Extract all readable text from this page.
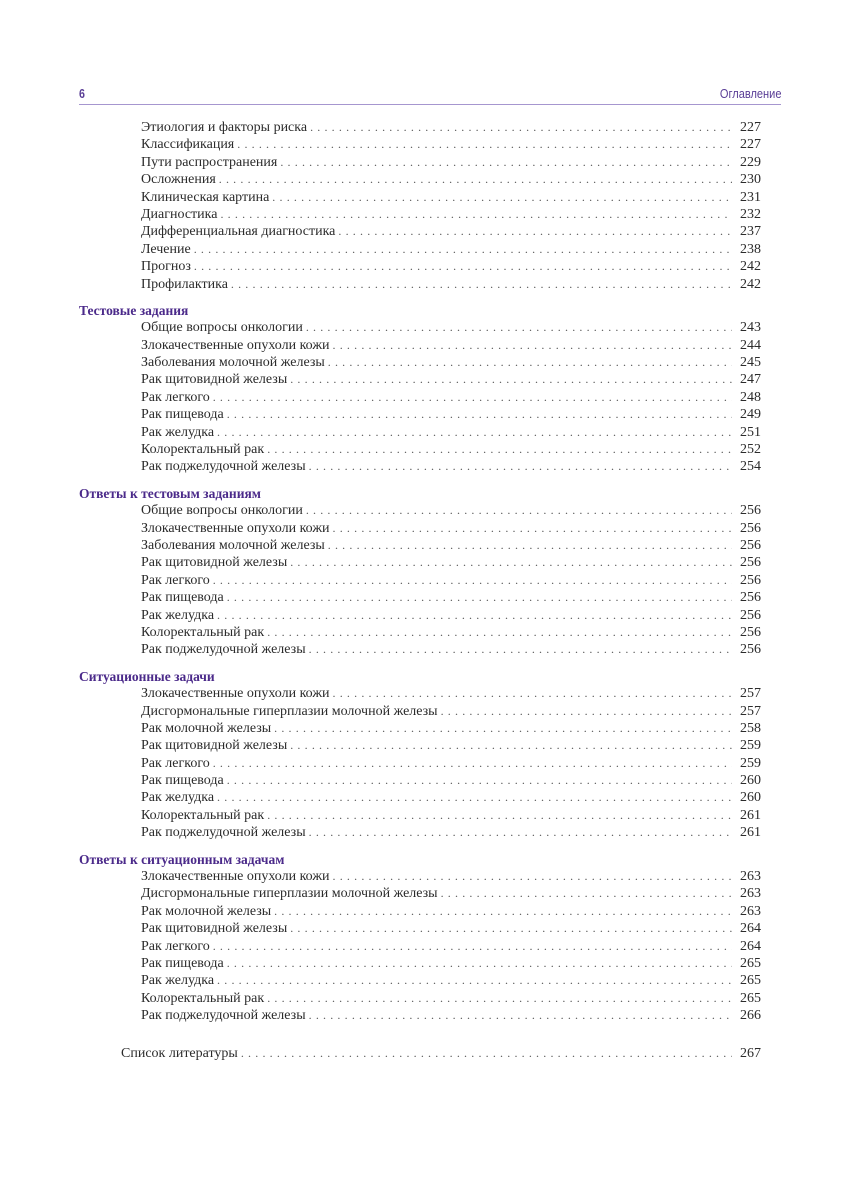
6	Оглавление
Этиология и факторы риска . . .	227
Классификация . . .	227
Пути распространения . . .	229
Осложнения . . .	230
Клиническая картина . . .	231
Диагностика . . .	232
Дифференциальная диагностика . . .	237
Лечение . . .	238
Прогноз . . .	242
Профилактика . . .	242
Тестовые задания
Общие вопросы онкологии . . .	243
Злокачественные опухоли кожи . . .	244
Заболевания молочной железы . . .	245
Рак щитовидной железы . . .	247
Рак легкого . . .	248
Рак пищевода . . .	249
Рак желудка . . .	251
Колоректальный рак . . .	252
Рак поджелудочной железы . . .	254
Ответы к тестовым заданиям
Общие вопросы онкологии . . .	256
Злокачественные опухоли кожи . . .	256
Заболевания молочной железы . . .	256
Рак щитовидной железы . . .	256
Рак легкого . . .	256
Рак пищевода . . .	256
Рак желудка . . .	256
Колоректальный рак . . .	256
Рак поджелудочной железы . . .	256
Ситуационные задачи
Злокачественные опухоли кожи . . .	257
Дисгормональные гиперплазии молочной железы . . .	257
Рак молочной железы . . .	258
Рак щитовидной железы . . .	259
Рак легкого . . .	259
Рак пищевода . . .	260
Рак желудка . . .	260
Колоректальный рак . . .	261
Рак поджелудочной железы . . .	261
Ответы к ситуационным задачам
Злокачественные опухоли кожи . . .	263
Дисгормональные гиперплазии молочной железы . . .	263
Рак молочной железы . . .	263
Рак щитовидной железы . . .	264
Рак легкого . . .	264
Рак пищевода . . .	265
Рак желудка . . .	265
Колоректальный рак . . .	265
Рак поджелудочной железы . . .	266
Список литературы . . .	267
